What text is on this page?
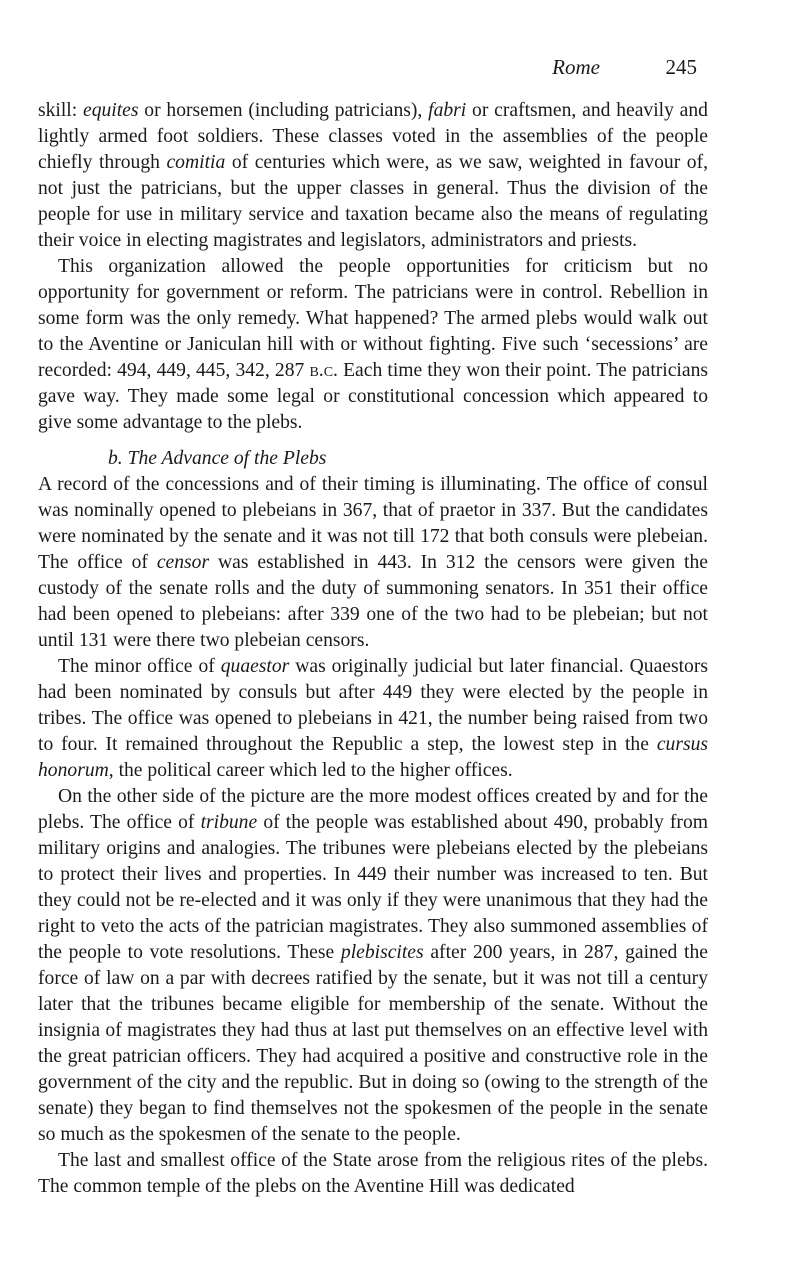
Rome	245

skill: equites or horsemen (including patricians), fabri or craftsmen, and heavily and lightly armed foot soldiers. These classes voted in the assemblies of the people chiefly through comitia of centuries which were, as we saw, weighted in favour of, not just the patricians, but the upper classes in general. Thus the division of the people for use in military service and taxation became also the means of regulating their voice in electing magistrates and legislators, administrators and priests.

This organization allowed the people opportunities for criticism but no opportunity for government or reform. The patricians were in control. Rebellion in some form was the only remedy. What happened? The armed plebs would walk out to the Aventine or Janiculan hill with or without fighting. Five such ‘secessions’ are recorded: 494, 449, 445, 342, 287 b.c. Each time they won their point. The patricians gave way. They made some legal or constitutional concession which appeared to give some advantage to the plebs.

b. The Advance of the Plebs

A record of the concessions and of their timing is illuminating. The office of consul was nominally opened to plebeians in 367, that of praetor in 337. But the candidates were nominated by the senate and it was not till 172 that both consuls were plebeian. The office of censor was established in 443. In 312 the censors were given the custody of the senate rolls and the duty of summoning senators. In 351 their office had been opened to plebeians: after 339 one of the two had to be plebeian; but not until 131 were there two plebeian censors.

The minor office of quaestor was originally judicial but later financial. Quaestors had been nominated by consuls but after 449 they were elected by the people in tribes. The office was opened to plebeians in 421, the number being raised from two to four. It remained throughout the Republic a step, the lowest step in the cursus honorum, the political career which led to the higher offices.

On the other side of the picture are the more modest offices created by and for the plebs. The office of tribune of the people was established about 490, probably from military origins and analogies. The tribunes were plebeians elected by the plebeians to protect their lives and properties. In 449 their number was increased to ten. But they could not be re-elected and it was only if they were unanimous that they had the right to veto the acts of the patrician magistrates. They also summoned assemblies of the people to vote resolutions. These plebiscites after 200 years, in 287, gained the force of law on a par with decrees ratified by the senate, but it was not till a century later that the tribunes became eligible for membership of the senate. Without the insignia of magistrates they had thus at last put themselves on an effective level with the great patrician officers. They had acquired a positive and constructive role in the government of the city and the republic. But in doing so (owing to the strength of the senate) they began to find themselves not the spokesmen of the people in the senate so much as the spokesmen of the senate to the people.

The last and smallest office of the State arose from the religious rites of the plebs. The common temple of the plebs on the Aventine Hill was dedicated
